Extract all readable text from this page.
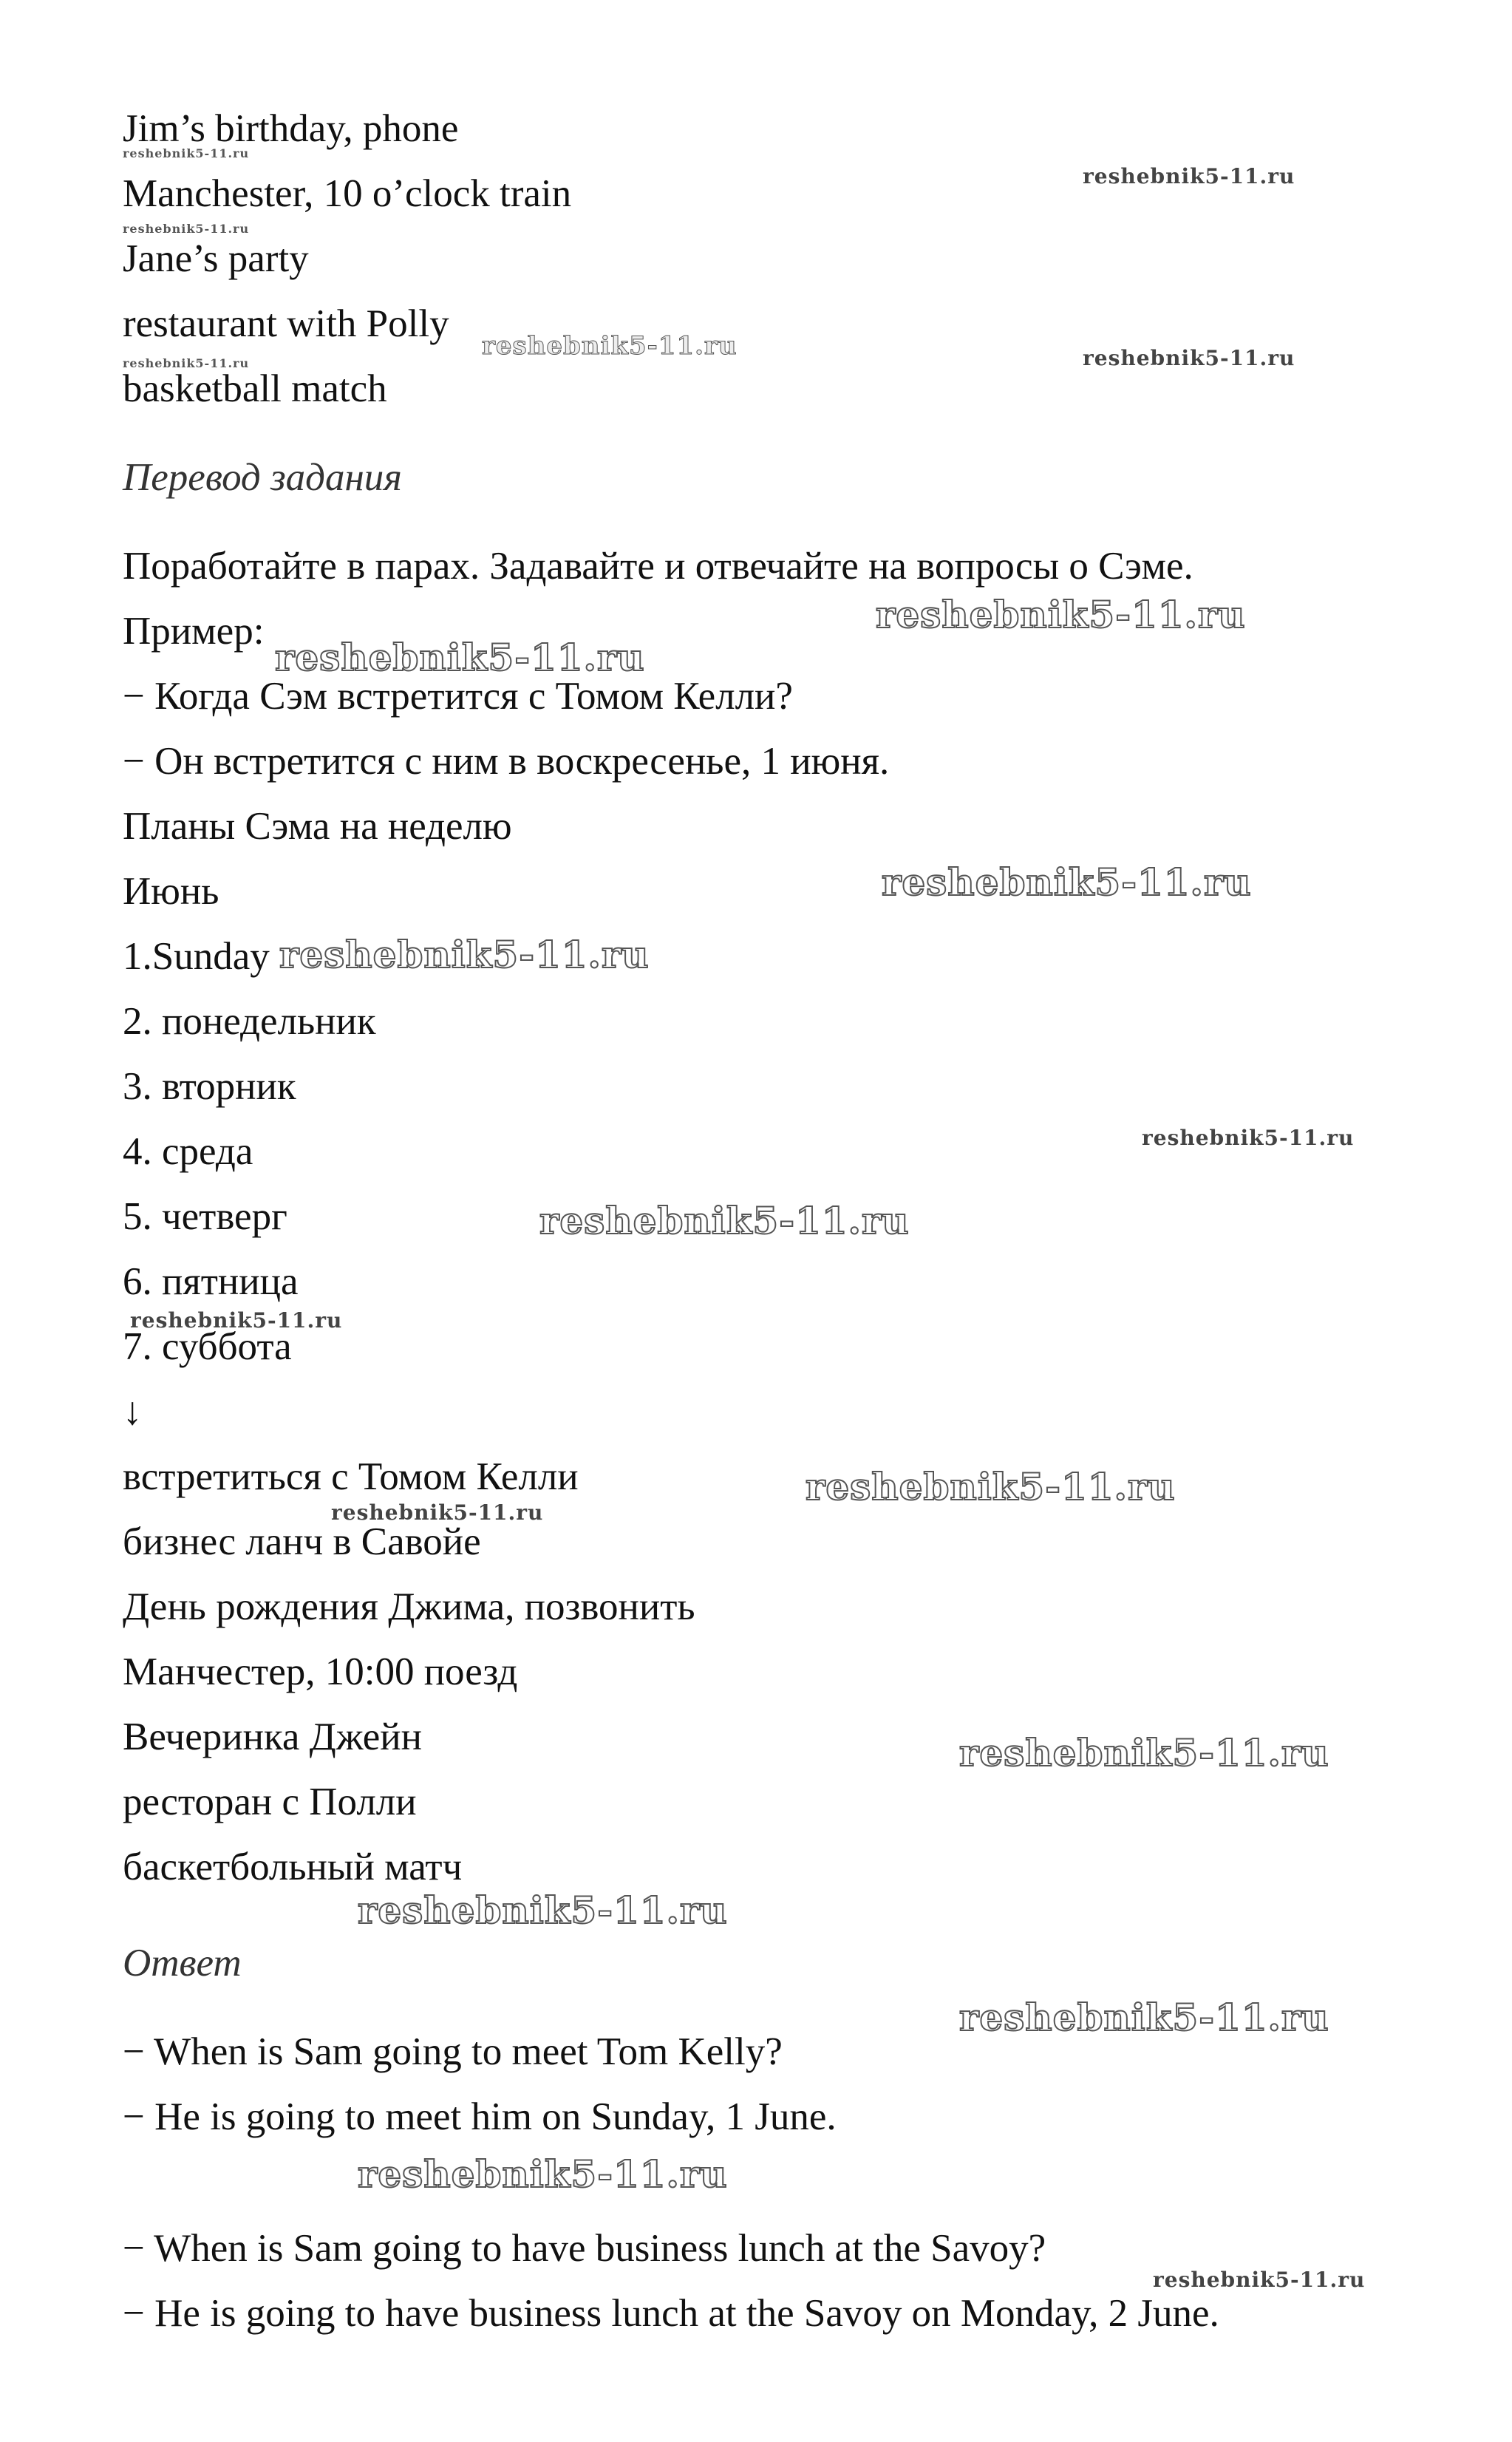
Jim’s birthday, phone
Manchester, 10 o’clock train
Jane’s party
restaurant with Polly
basketball match
Перевод задания
Поработайте в парах. Задавайте и отвечайте на вопросы о Сэме.
Пример:
− Когда Сэм встретится с Томом Келли?
− Он встретится с ним в воскресенье, 1 июня.
Планы Сэма на неделю
Июнь
1.Sunday
2. понедельник
3. вторник
4. среда
5. четверг
6. пятница
7. суббота
↓
встретиться с Томом Келли
бизнес ланч в Савойе
День рождения Джима, позвонить
Манчестер, 10:00 поезд
Вечеринка Джейн
ресторан с Полли
баскетбольный матч
Ответ
− When is Sam going to meet Tom Kelly?
− He is going to meet him on Sunday, 1 June.
− When is Sam going to have business lunch at the Savoy?
− He is going to have business lunch at the Savoy on Monday, 2 June.
reshebnik5-11.ru
reshebnik5-11.ru
reshebnik5-11.ru
reshebnik5-11.ru	reshebnik5-11.ru
reshebnik5-11.ru
reshebnik5-11.ru
reshebnik5-11.ru
reshebnik5-11.ru
reshebnik5-11.ru
reshebnik5-11.ru
reshebnik5-11.ru
reshebnik5-11.ru
reshebnik5-11.ru
reshebnik5-11.ru
reshebnik5-11.ru
reshebnik5-11.ru
reshebnik5-11.ru
reshebnik5-11.ru
reshebnik5-11.ru
